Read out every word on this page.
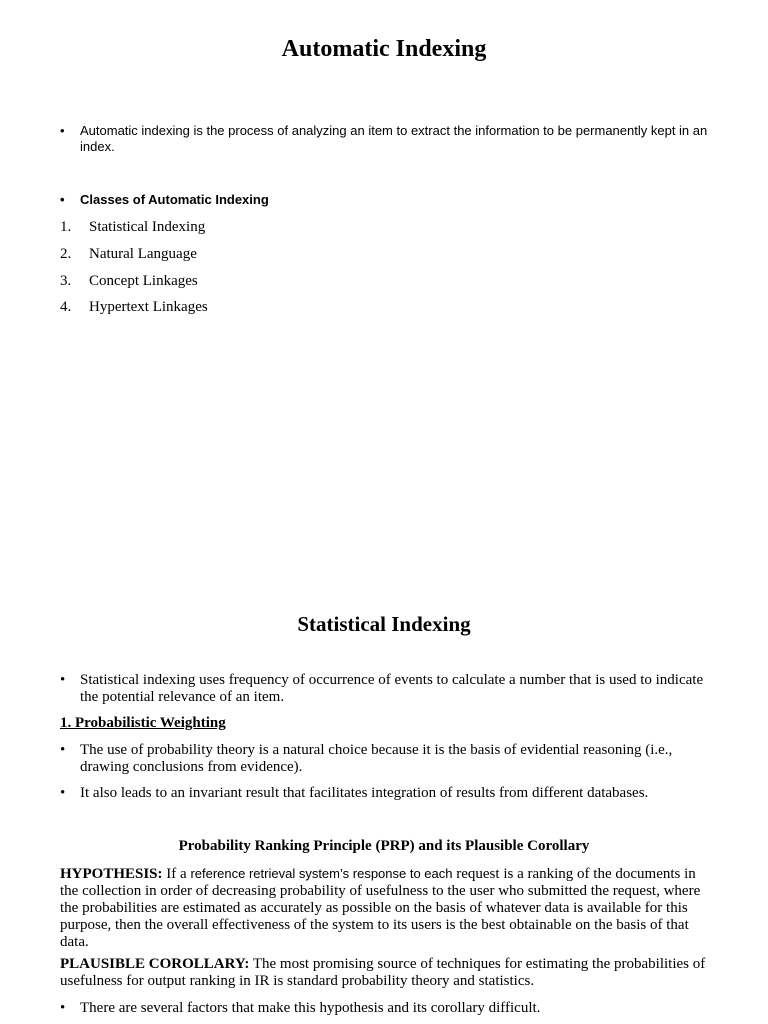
Automatic Indexing
•	Automatic indexing is the process of analyzing an item to extract the information to be permanently kept in an index.
•	Classes of Automatic Indexing
1.	Statistical Indexing
2.	Natural Language
3.	Concept Linkages
4.	Hypertext Linkages
Statistical Indexing
• Statistical indexing uses frequency of occurrence of events to calculate a number that is used to indicate the potential relevance of an item.
1. Probabilistic Weighting
• The use of probability theory is a natural choice because it is the basis of evidential reasoning (i.e., drawing conclusions from evidence).
• It also leads to an invariant result that facilitates integration of results from different databases.
Probability Ranking Principle (PRP) and its Plausible Corollary
HYPOTHESIS: If a reference retrieval system’s response to each request is a ranking of the documents in the collection in order of decreasing probability of usefulness to the user who submitted the request, where the probabilities are estimated as accurately as possible on the basis of whatever data is available for this purpose, then the overall effectiveness of the system to its users is the best obtainable on the basis of that data.
PLAUSIBLE COROLLARY: The most promising source of techniques for estimating the probabilities of usefulness for output ranking in IR is standard probability theory and statistics.
• There are several factors that make this hypothesis and its corollary difficult.
